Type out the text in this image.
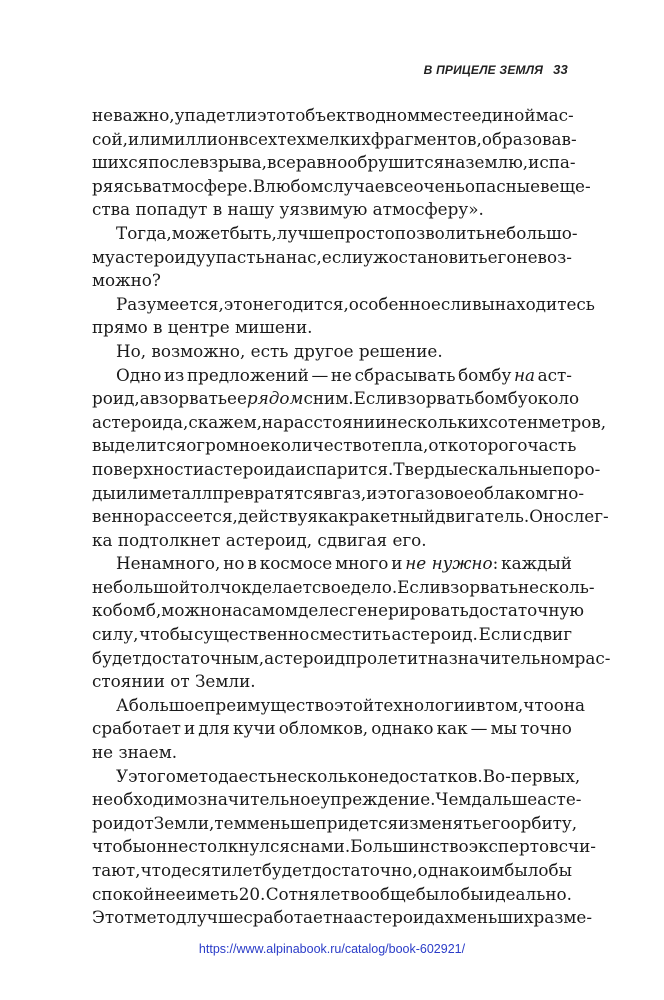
В ПРИЦЕЛЕ ЗЕМЛЯ 33
не важно, упадет ли этот объект в одном месте единой мас-
сой, или миллион всех тех мелких фрагментов, образовав-
шихся после взрыва, все равно обрушится на землю, испа-
ряясь в атмосфере. В любом случае все очень опасные веще-
ства попадут в нашу уязвимую атмосферу».
Тогда, может быть, лучше просто позволить небольшо-
му астероиду упасть на нас, если уж остановить его невоз-
можно?
Разумеется, это не годится, особенно если вы находитесь
прямо в центре мишени.
Но, возможно, есть другое решение.
Одно из предложений — не сбрасывать бомбу на аст-
роид, а взорвать ее рядом с ним. Если взорвать бомбу около
астероида, скажем, на расстоянии нескольких сотен метров,
выделится огромное количество тепла, от которого часть
поверхности астероида испарится. Твердые скальные поро-
ды или металл превратятся в газ, и это газовое облако мгно-
венно рассеется, действуя как ракетный двигатель. Оно слег-
ка подтолкнет астероид, сдвигая его.
Ненамного, но в космосе много и не нужно: каждый
небольшой толчок делает свое дело. Если взорвать несколь-
ко бомб, можно на самом деле сгенерировать достаточную
силу, чтобы существенно сместить астероид. Если сдвиг
будет достаточным, астероид пролетит на значительном рас-
стоянии от Земли.
А большое преимущество этой технологии в том, что она
сработает и для кучи обломков, однако как — мы точно
не знаем.
У этого метода есть несколько недостатков. Во-первых,
необходимо значительное упреждение. Чем дальше асте-
роид от Земли, тем меньше придется изменять его орбиту,
чтобы он не столкнулся с нами. Большинство экспертов счи-
тают, что десяти лет будет достаточно, однако им было бы
спокойнее иметь 20. Сотня лет вообще было бы идеально.
Этот метод лучше сработает на астероидах меньших разме-
https://www.alpinabook.ru/catalog/book-602921/
